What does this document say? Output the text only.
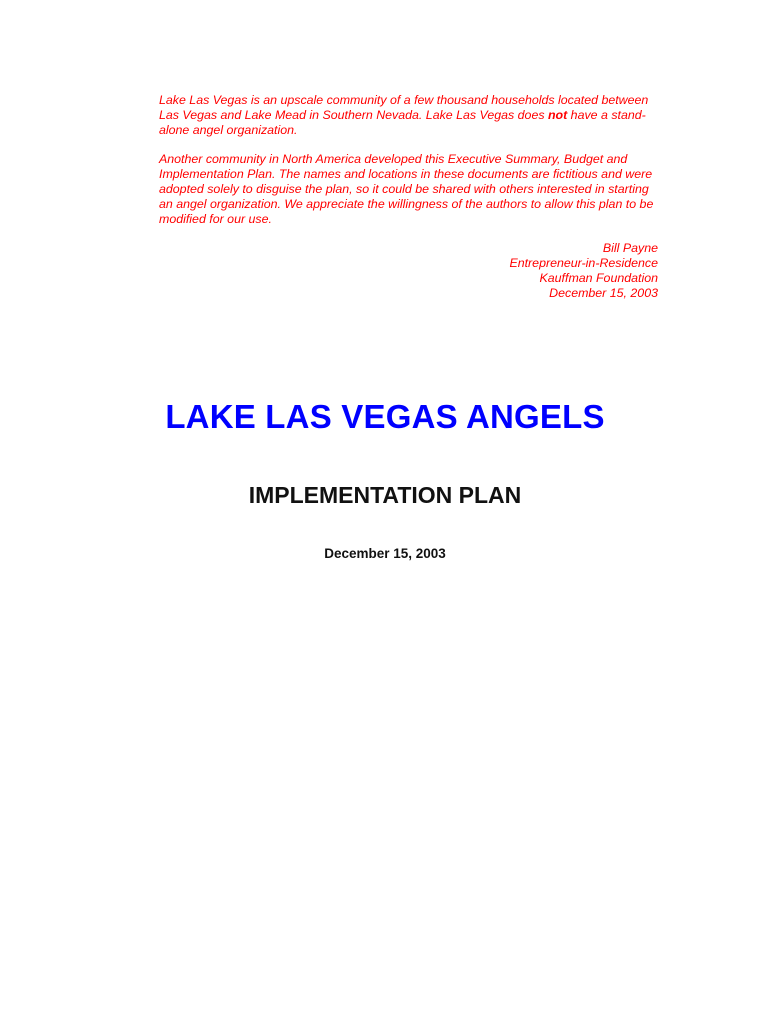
Lake Las Vegas is an upscale community of a few thousand households located between Las Vegas and Lake Mead in Southern Nevada. Lake Las Vegas does not have a stand-alone angel organization.

Another community in North America developed this Executive Summary, Budget and Implementation Plan. The names and locations in these documents are fictitious and were adopted solely to disguise the plan, so it could be shared with others interested in starting an angel organization. We appreciate the willingness of the authors to allow this plan to be modified for our use.

Bill Payne
Entrepreneur-in-Residence
Kauffman Foundation
December 15, 2003
LAKE LAS VEGAS ANGELS
IMPLEMENTATION PLAN
December 15, 2003
